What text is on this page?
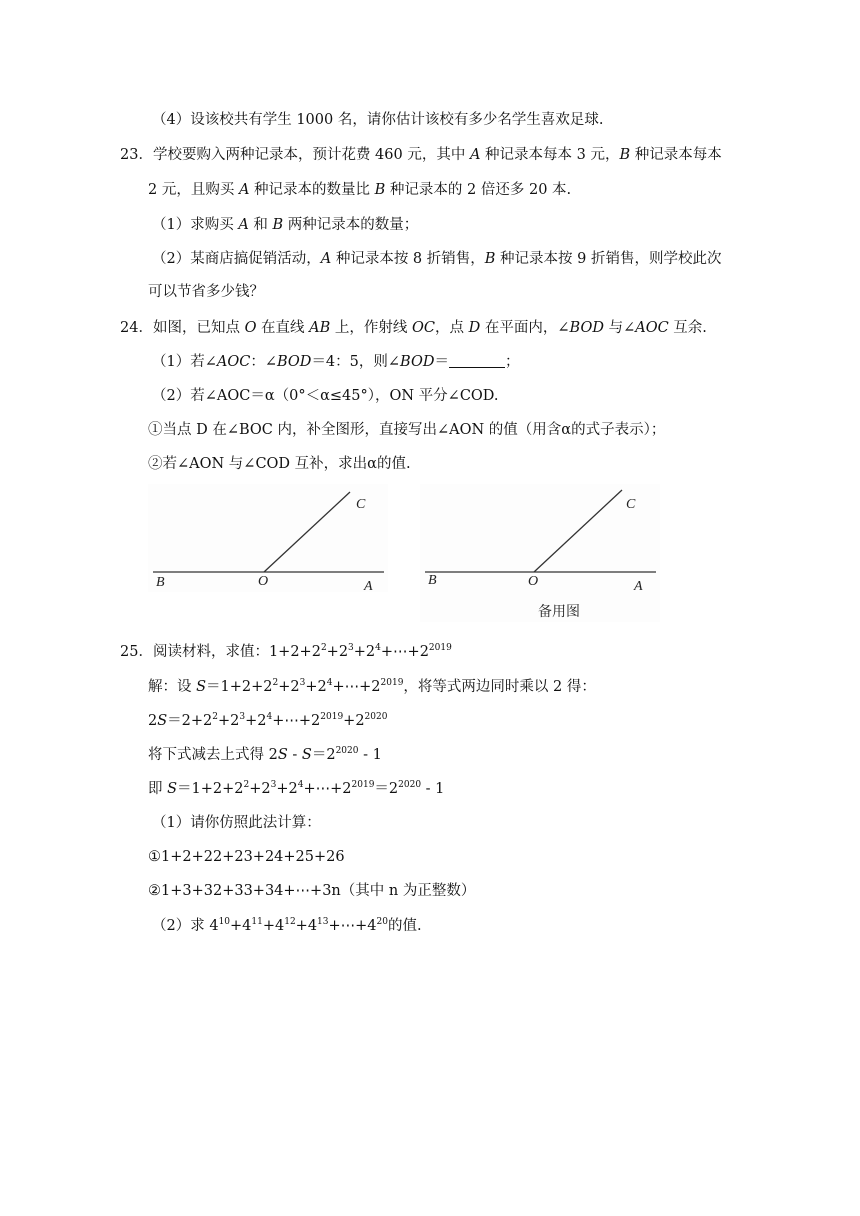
（4）设该校共有学生 1000 名，请你估计该校有多少名学生喜欢足球.
23．学校要购入两种记录本，预计花费 460 元，其中 A 种记录本每本 3 元，B 种记录本每本
2 元，且购买 A 种记录本的数量比 B 种记录本的 2 倍还多 20 本.
（1）求购买 A 和 B 两种记录本的数量；
（2）某商店搞促销活动，A 种记录本按 8 折销售，B 种记录本按 9 折销售，则学校此次
可以节省多少钱？
24．如图，已知点 O 在直线 AB 上，作射线 OC，点 D 在平面内，∠BOD 与∠AOC 互余.
（1）若∠AOC：∠BOD＝4：5，则∠BOD＝	；
（2）若∠AOC＝α（0°＜α≤45°），ON 平分∠COD.
①当点 D 在∠BOC 内，补全图形，直接写出∠AON 的值（用含α的式子表示）；
②若∠AON 与∠COD 互补，求出α的值.
B	O	A
C
B	O	A
C
备用图
25．阅读材料，求值：$1+2+2^2+2^3+2^4+\cdots+2^{2019}$
解：设 $S=1+2+2^2+2^3+2^4+\cdots+2^{2019}$，将等式两边同时乘以 2 得：
$2S=2+2^2+2^3+2^4+\cdots+2^{2019}+2^{2020}$
将下式减去上式得 $2S - S=2^{2020} - 1$
即 $S=1+2+2^2+2^3+2^4+\cdots+2^{2019}=2^{2020} - 1$
（1）请你仿照此法计算：
①1+2+22+23+24+25+26
②1+3+32+33+34+⋯+3n（其中 n 为正整数）
（2）求 $4^{10}+4^{11}+4^{12}+4^{13}+\cdots+4^{20}$的值.
